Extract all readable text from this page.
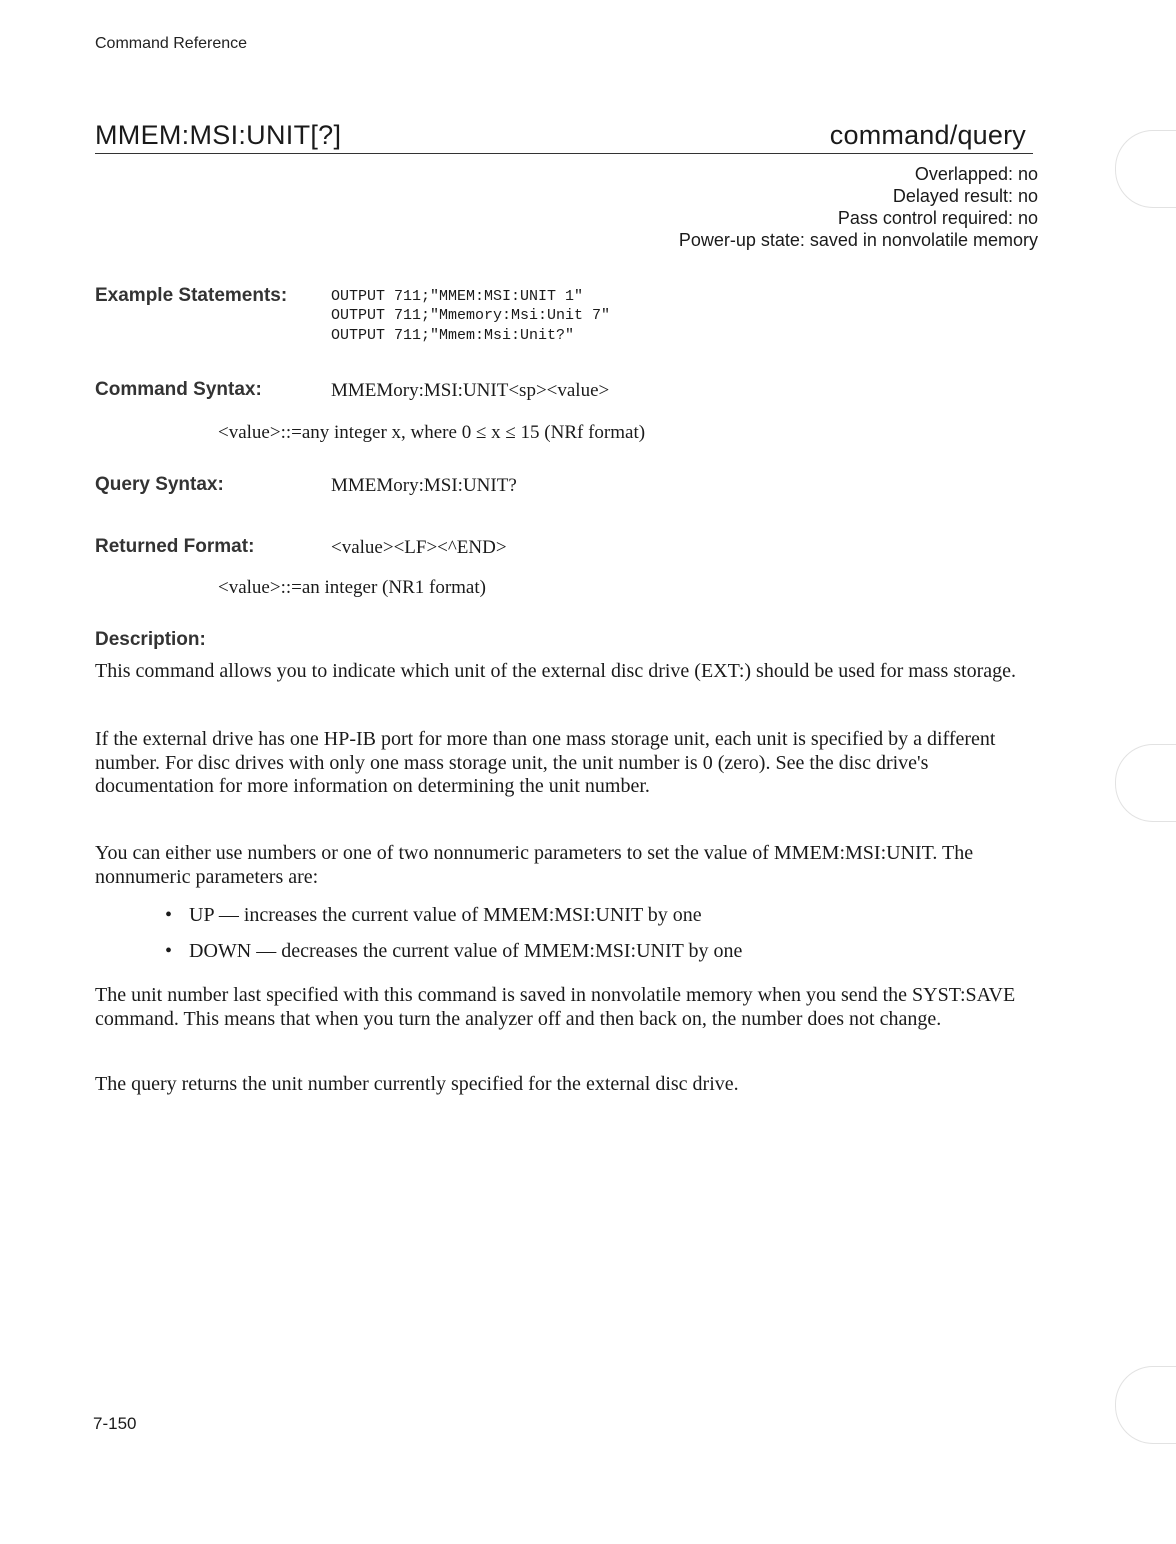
Command Reference
MMEM:MSI:UNIT[?]	command/query
Overlapped: no
Delayed result: no
Pass control required: no
Power-up state: saved in nonvolatile memory
Example Statements:	OUTPUT 711;"MMEM:MSI:UNIT 1"
OUTPUT 711;"Mmemory:Msi:Unit 7"
OUTPUT 711;"Mmem:Msi:Unit?"
Command Syntax:	MMEMory:MSI:UNIT<sp><value>
<value>::=any integer x, where 0 ≤ x ≤ 15 (NRf format)
Query Syntax:	MMEMory:MSI:UNIT?
Returned Format:	<value><LF><^END>
<value>::=an integer (NR1 format)
Description:
This command allows you to indicate which unit of the external disc drive (EXT:) should be used for mass storage.
If the external drive has one HP-IB port for more than one mass storage unit, each unit is specified by a different number. For disc drives with only one mass storage unit, the unit number is 0 (zero). See the disc drive's documentation for more information on determining the unit number.
You can either use numbers or one of two nonnumeric parameters to set the value of MMEM:MSI:UNIT. The nonnumeric parameters are:
• UP — increases the current value of MMEM:MSI:UNIT by one
• DOWN — decreases the current value of MMEM:MSI:UNIT by one
The unit number last specified with this command is saved in nonvolatile memory when you send the SYST:SAVE command. This means that when you turn the analyzer off and then back on, the number does not change.
The query returns the unit number currently specified for the external disc drive.
7-150
